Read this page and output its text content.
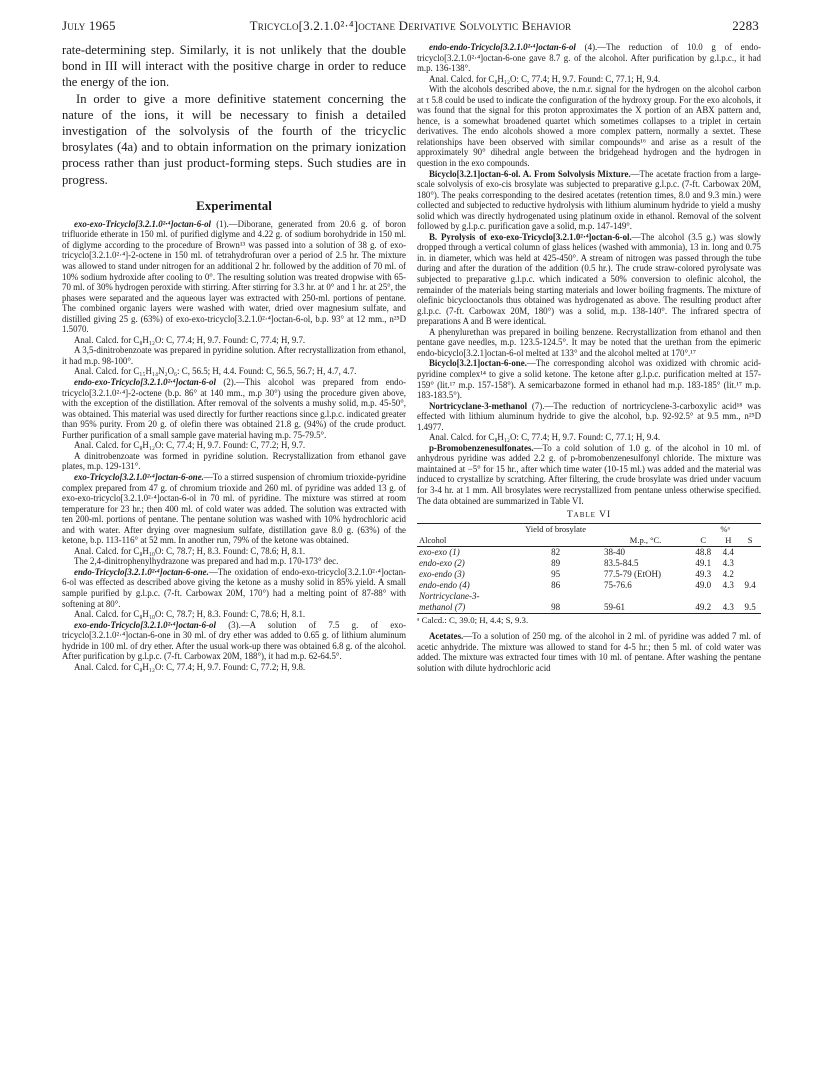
July 1965	Tricyclo[3.2.1.0²·⁴]octane Derivative Solvolytic Behavior	2283

rate-determining step. Similarly, it is not unlikely that the double bond in III will interact with the positive charge in order to reduce the energy of the ion.

In order to give a more definitive statement concerning the nature of the ions, it will be necessary to finish a detailed investigation of the solvolysis of the fourth of the tricyclic brosylates (4a) and to obtain information on the primary ionization process rather than just product-forming steps. Such studies are in progress.

Experimental

exo-exo-Tricyclo[3.2.1.0²·⁴]octan-6-ol (1).—Diborane, generated from 20.6 g. of boron trifluoride etherate in 150 ml. of purified diglyme and 4.22 g. of sodium borohydride in 150 ml. of diglyme according to the procedure of Brown¹³ was passed into a solution of 38 g. of exo-tricyclo[3.2.1.0²·⁴]-2-octene in 150 ml. of tetrahydrofuran over a period of 2.5 hr. The mixture was allowed to stand under nitrogen for an additional 2 hr. followed by the addition of 70 ml. of 10% sodium hydroxide after cooling to 0°. The resulting solution was treated dropwise with 65-70 ml. of 30% hydrogen peroxide with stirring. After stirring for 3.3 hr. at 0° and 1 hr. at 25°, the phases were separated and the aqueous layer was extracted with 250-ml. portions of pentane. The combined organic layers were washed with water, dried over magnesium sulfate, and distilled giving 25 g. (63%) of exo-exo-tricyclo[3.2.1.0²·⁴]octan-6-ol, b.p. 93° at 12 mm., n²⁵D 1.5070.

Anal. Calcd. for C₈H₁₂O: C, 77.4; H, 9.7. Found: C, 77.4; H, 9.7.

A 3,5-dinitrobenzoate was prepared in pyridine solution. After recrystallization from ethanol, it had m.p. 98-100°.

Anal. Calcd. for C₁₅H₁₄N₂O₆: C, 56.5; H, 4.4. Found: C, 56.5, 56.7; H, 4.7, 4.7.

endo-exo-Tricyclo[3.2.1.0²·⁴]octan-6-ol (2).—This alcohol was prepared from endo-tricyclo[3.2.1.0²·⁴]-2-octene (b.p. 86° at 140 mm., m.p 30°) using the procedure given above, with the exception of the distillation. After removal of the solvents a mushy solid, m.p. 45-50°, was obtained. This material was used directly for further reactions since g.l.p.c. indicated greater than 95% purity. From 20 g. of olefin there was obtained 21.8 g. (94%) of the crude product. Further purification of a small sample gave material having m.p. 75-79.5°.

Anal. Calcd. for C₈H₁₂O: C, 77.4; H, 9.7. Found: C, 77.2; H, 9.7.

A dinitrobenzoate was formed in pyridine solution. Recrystallization from ethanol gave plates, m.p. 129-131°.

exo-Tricyclo[3.2.1.0²·⁴]octan-6-one.—To a stirred suspension of chromium trioxide-pyridine complex prepared from 47 g. of chromium trioxide and 260 ml. of pyridine was added 13 g. of exo-exo-tricyclo[3.2.1.0²·⁴]octan-6-ol in 70 ml. of pyridine. The mixture was stirred at room temperature for 23 hr.; then 400 ml. of cold water was added. The solution was extracted with ten 200-ml. portions of pentane. The pentane solution was washed with 10% hydrochloric acid and with water. After drying over magnesium sulfate, distillation gave 8.0 g. (63%) of the ketone, b.p. 113-116° at 52 mm. In another run, 79% of the ketone was obtained.

Anal. Calcd. for C₈H₁₀O: C, 78.7; H, 8.3. Found: C, 78.6; H, 8.1.

The 2,4-dinitrophenylhydrazone was prepared and had m.p. 170-173° dec.

endo-Tricyclo[3.2.1.0²·⁴]octan-6-one.—The oxidation of endo-exo-tricyclo[3.2.1.0²·⁴]octan-6-ol was effected as described above giving the ketone as a mushy solid in 85% yield. A small sample purified by g.l.p.c. (7-ft. Carbowax 20M, 170°) had a melting point of 87-88° with softening at 80°.

Anal. Calcd. for C₈H₁₀O: C, 78.7; H, 8.3. Found: C, 78.6; H, 8.1.

exo-endo-Tricyclo[3.2.1.0²·⁴]octan-6-ol (3).—A solution of 7.5 g. of exo-tricyclo[3.2.1.0²·⁴]octan-6-one in 30 ml. of dry ether was added to 0.65 g. of lithium aluminum hydride in 100 ml. of dry ether. After the usual work-up there was obtained 6.8 g. of the alcohol. After purification by g.l.p.c. (7-ft. Carbowax 20M, 188°), it had m.p. 62-64.5°.

Anal. Calcd. for C₈H₁₂O: C, 77.4; H, 9.7. Found: C, 77.2; H, 9.8.

endo-endo-Tricyclo[3.2.1.0²·⁴]octan-6-ol (4).—The reduction of 10.0 g of endo-tricyclo[3.2.1.0²·⁴]octan-6-one gave 8.7 g. of the alcohol. After purification by g.l.p.c., it had m.p. 136-138°.

Anal. Calcd. for C₈H₁₂O: C, 77.4; H, 9.7. Found: C, 77.1; H, 9.4.

With the alcohols described above, the n.m.r. signal for the hydrogen on the alcohol carbon at τ 5.8 could be used to indicate the configuration of the hydroxy group. For the exo alcohols, it was found that the signal for this proton approximates the X portion of an ABX pattern and, hence, is a somewhat broadened quartet which sometimes collapses to a triplet in certain derivatives. The endo alcohols showed a more complex pattern, normally a sextet. These relationships have been observed with similar compounds¹⁶ and arise as a result of the approximately 90° dihedral angle between the bridgehead hydrogen and the hydrogen in question in the exo compounds.

Bicyclo[3.2.1]octan-6-ol. A. From Solvolysis Mixture.—The acetate fraction from a large-scale solvolysis of exo-cis brosylate was subjected to preparative g.l.p.c. (7-ft. Carbowax 20M, 180°). The peaks corresponding to the desired acetates (retention times, 8.0 and 9.3 min.) were collected and subjected to reductive hydrolysis with lithium aluminum hydride to yield a mushy solid which was directly hydrogenated using platinum oxide in ethanol. Removal of the solvent followed by g.l.p.c. purification gave a solid, m.p. 147-149°.

B. Pyrolysis of exo-exo-Tricyclo[3.2.1.0²·⁴]octan-6-ol.—The alcohol (3.5 g.) was slowly dropped through a vertical column of glass helices (washed with ammonia), 13 in. long and 0.75 in. in diameter, which was held at 425-450°. A stream of nitrogen was passed through the tube during and after the duration of the addition (0.5 hr.). The crude straw-colored pyrolysate was subjected to preparative g.l.p.c. which indicated a 50% conversion to olefinic alcohol, the remainder of the materials being starting materials and lower boiling fragments. The mixture of olefinic bicyclooctanols thus obtained was hydrogenated as above. The resulting product after g.l.p.c. (7-ft. Carbowax 20M, 180°) was a solid, m.p. 138-140°. The infrared spectra of preparations A and B were identical.

A phenylurethan was prepared in boiling benzene. Recrystallization from ethanol and then pentane gave needles, m.p. 123.5-124.5°. It may be noted that the urethan from the epimeric endo-bicyclo[3.2.1]octan-6-ol melted at 133° and the alcohol melted at 170°.¹⁷

Bicyclo[3.2.1]octan-6-one.—The corresponding alcohol was oxidized with chromic acid-pyridine complex¹⁴ to give a solid ketone. The ketone after g.l.p.c. purification melted at 157-159° (lit.¹⁷ m.p. 157-158°). A semicarbazone formed in ethanol had m.p. 183-185° (lit.¹⁷ m.p. 183-183.5°).

Nortricyclane-3-methanol (7).—The reduction of nortricyclene-3-carboxylic acid¹⁸ was effected with lithium aluminum hydride to give the alcohol, b.p. 92-92.5° at 9.5 mm., n²⁵D 1.4977.

Anal. Calcd. for C₈H₁₂O: C, 77.4; H, 9.7. Found: C, 77.1; H, 9.4.

p-Bromobenzenesulfonates.—To a cold solution of 1.0 g. of the alcohol in 10 ml. of anhydrous pyridine was added 2.2 g. of p-bromobenzenesulfonyl chloride. The mixture was maintained at −5° for 15 hr., after which time water (10-15 ml.) was added and the material was induced to crystallize by scratching. After filtering, the crude brosylate was dried under vacuum for 3-4 hr. at 1 mm. All brosylates were recrystallized from pentane unless otherwise specified. The data obtained are summarized in Table VI.

Table VI
	Yield of brosylate		%ᵃ		
Alcohol		M.p., °C.	C	H	S
exo-exo (1)	82	38-40	48.8	4.4	
endo-exo (2)	89	83.5-84.5	49.1	4.3	
exo-endo (3)	95	77.5-79 (EtOH)	49.3	4.2	
endo-endo (4)	86	75-76.6	49.0	4.3	9.4
Nortricyclane-3-					
methanol (7)	98	59-61	49.2	4.3	9.5
ᵃ Calcd.: C, 39.0; H, 4.4; S, 9.3.

Acetates.—To a solution of 250 mg. of the alcohol in 2 ml. of pyridine was added 7 ml. of acetic anhydride. The mixture was allowed to stand for 4-5 hr.; then 5 ml. of cold water was added. The mixture was extracted four times with 10 ml. of pentane. After washing the pentane solution with dilute hydrochloric acid
